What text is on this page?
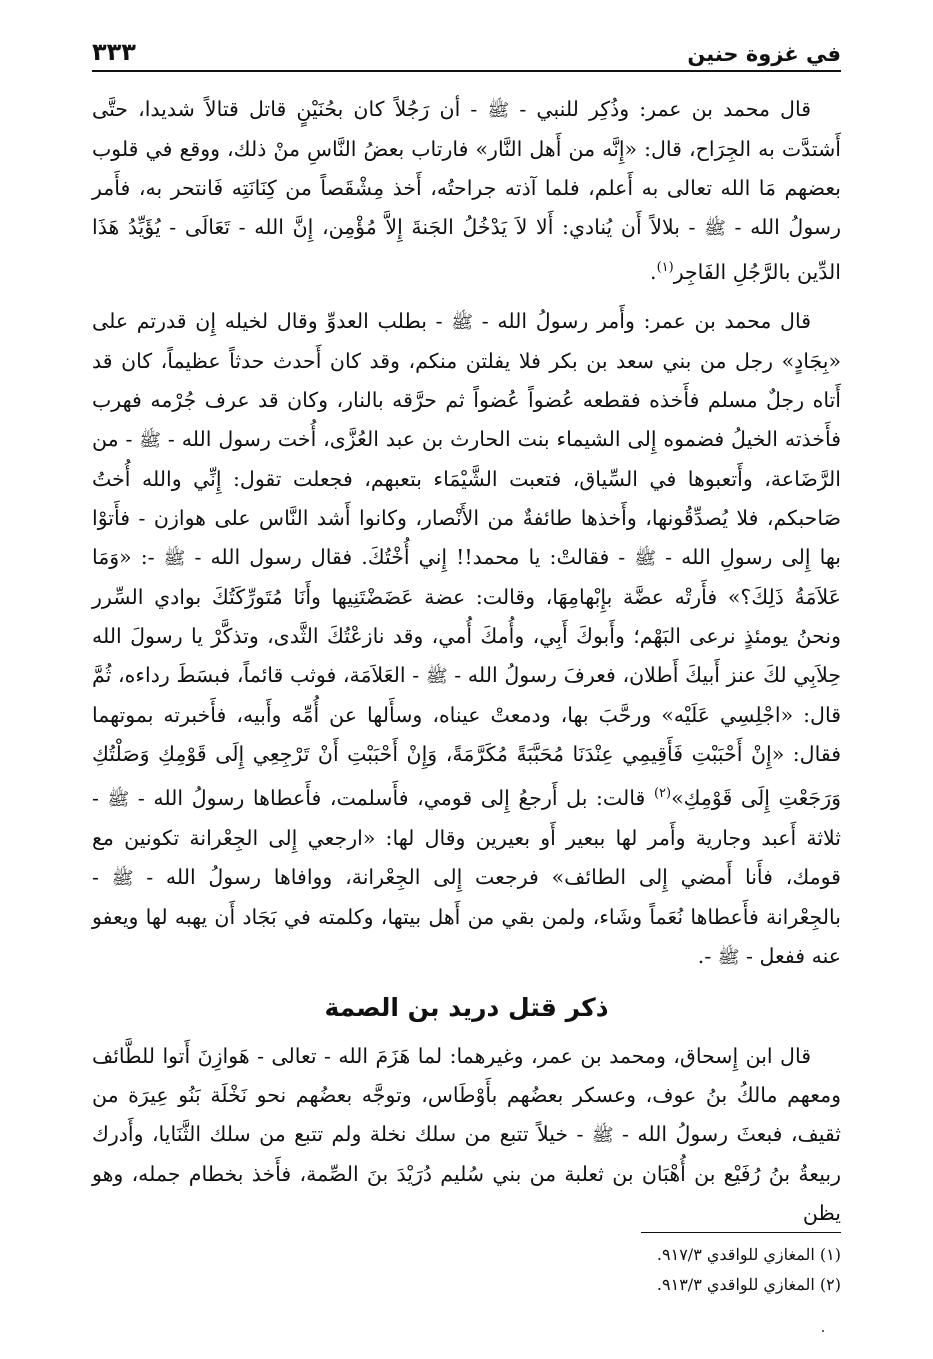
في غزوة حنين
٣٣٣

قال محمد بن عمر: وذُكِر للنبي - ﷺ - أن رَجُلاً كان بحُنَيْنٍ قاتل قتالاً شديدا، حتَّى أَشتدَّت به الجِرَاح، قال: «إِنَّه من أَهل النَّار» فارتاب بعضُ النَّاسِ منْ ذلك، ووقع في قلوب بعضهم مَا الله تعالى به أَعلم، فلما آذته جراحتُه، أَخذ مِشْقَصاً من كِنَانَتِه فَانتحر به، فأَمر رسولُ الله - ﷺ - بلالاً أَن يُنادي: أَلا لاَ يَدْخُلُ الجَنةَ إِلاَّ مُؤْمِن، إِنَّ الله - تَعَالَى - يُؤَيِّدُ هَذَا الدِّين بالرَّجُلِ الفَاجِر$^{(١)}$.

قال محمد بن عمر: وأَمر رسولُ الله - ﷺ - بطلب العدوِّ وقال لخيله إِن قدرتم على «بِجَادٍ» رجل من بني سعد بن بكر فلا يفلتن منكم، وقد كان أَحدث حدثاً عظيماً، كان قد أَتاه رجلٌ مسلم فأَخذه فقطعه عُضواً عُضواً ثم حرَّقه بالنار، وكان قد عرف جُرْمه فهرب فأَخذته الخيلُ فضموه إِلى الشيماء بنت الحارث بن عبد العُزَّى، أُخت رسول الله - ﷺ - من الرَّضَاعة، وأَتعبوها في السِّياق، فتعبت الشَّيْمَاء بتعبهم، فجعلت تقول: إِنِّي والله أُختُ صَاحبكم، فلا يُصدِّقُونها، وأَخذها طائفةٌ من الأَنْصار، وكانوا أَشد النَّاس على هوازن - فأَتوْا بها إِلى رسولِ الله - ﷺ - فقالتْ: يا محمد!! إِني أُخْتُكَ. فقال رسول الله - ﷺ -: «وَمَا عَلاَمَةُ ذَلِكَ؟» فأَرتْه عضَّة بإِبْهامِهَا، وقالت: عضة عَضَضْتَنِيها وأَنَا مُتَورِّكَتُكَ بوادي السِّرر ونحنُ يومئذٍ نرعى البَهْم؛ وأَبوكَ أَبِي، وأُمكَ أُمي، وقد نازعْتُكَ الثَّدى، وتذكَّرْ يا رسولَ الله حِلاَبِي لكَ عنز أَبيكَ أَطلان، فعرفَ رسولُ الله - ﷺ - العَلاَمَة، فوثب قائماً، فبسَطَ رداءه، ثُمَّ قال: «اجْلِسِي عَلَيْه» ورحَّبَ بها، ودمعتْ عيناه، وسأَلها عن أُمِّه وأَبيه، فأَخبرته بموتهما فقال: «إِنْ أَحْبَبْتِ فَأَقِيمِي عِنْدَنَا مُحَبَّبَةً مُكَرَّمَةً، وَإِنْ أَحْبَبْتِ أَنْ تَرْجِعِي إِلَى قَوْمِكِ وَصَلْتُكِ وَرَجَعْتِ إِلَى قَوْمِكِ»$^{(٢)}$ قالت: بل أَرجعُ إِلى قومي، فأَسلمت، فأَعطاها رسولُ الله - ﷺ - ثلاثة أَعبد وجارية وأَمر لها ببعير أَو بعيرين وقال لها: «ارجعي إِلى الجِعْرانة تكونين مع قومك، فأَنا أَمضي إِلى الطائف» فرجعت إِلى الجِعْرانة، ووافاها رسولُ الله - ﷺ - بالجِعْرانة فأَعطاها نُعَماً وشَاء، ولمن بقي من أَهل بيتها، وكلمته في بَجَاد أَن يهبه لها ويعفو عنه ففعل - ﷺ -.

ذكر قتل دريد بن الصمة

قال ابن إِسحاق، ومحمد بن عمر، وغيرهما: لما هَزَمَ الله - تعالى - هَوازِنَ أَتوا للطَّائف ومعهم مالكُ بنُ عوف، وعسكر بعضُهم بأَوْطَاس، وتوجَّه بعضُهم نحو نَخْلَة بَنُو عِيرَة من ثقيف، فبعثَ رسولُ الله - ﷺ - خيلاً تتبع من سلك نخلة ولم تتبع من سلك الثَّنَايا، وأَدرك ربيعةُ بنُ رُفَيْع بن أُهْبَان بن ثعلبة من بني سُليم دُرَيْدَ بنَ الصِّمة، فأَخذ بخطام جمله، وهو يظن

(١) المغازي للواقدي ٩١٧/٣.
(٢) المغازي للواقدي ٩١٣/٣.
